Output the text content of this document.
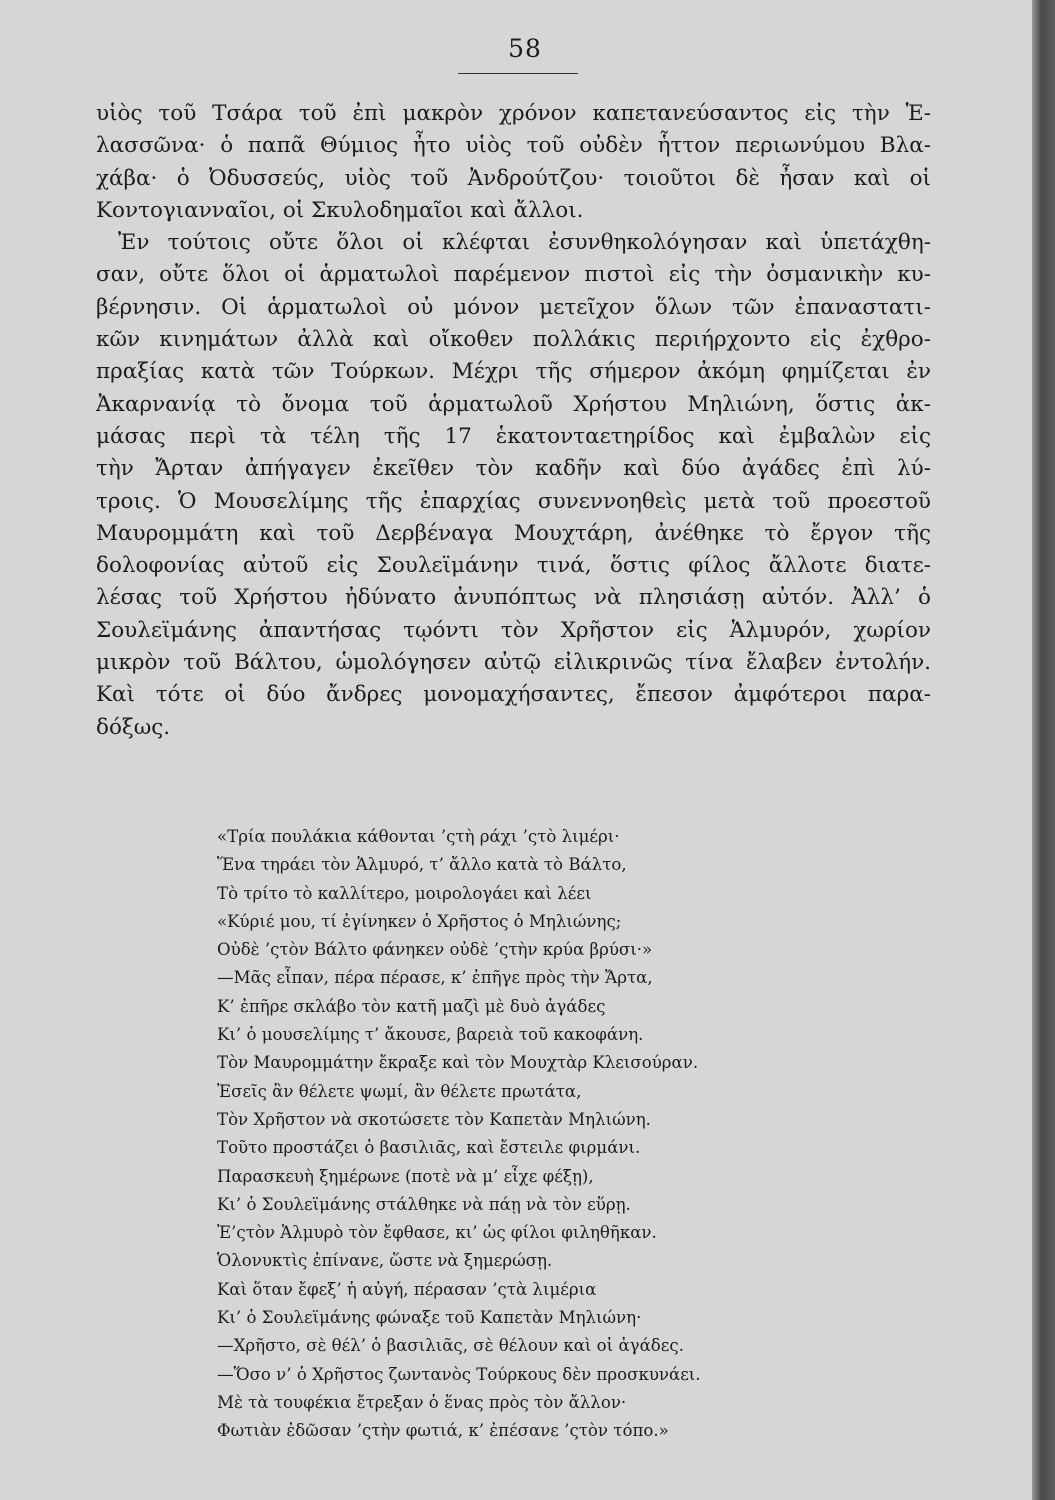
58
υἱὸς τοῦ Τσάρα τοῦ ἐπὶ μακρὸν χρόνον καπετανεύσαντος εἰς τὴν Ἑ-
λασσῶνα· ὁ παπᾶ Θύμιος ἦτο υἱὸς τοῦ οὐδὲν ἧττον περιωνύμου Βλα-
χάβα· ὁ Ὀδυσσεύς, υἱὸς τοῦ Ἀνδρούτζου· τοιοῦτοι δὲ ἦσαν καὶ οἱ
Κοντογιανναῖοι, οἱ Σκυλοδημαῖοι καὶ ἄλλοι.
Ἐν τούτοις οὔτε ὅλοι οἱ κλέφται ἐσυνθηκολόγησαν καὶ ὑπετάχθη-
σαν, οὔτε ὅλοι οἱ ἁρματωλοὶ παρέμενον πιστοὶ εἰς τὴν ὀσμανικὴν κυ-
βέρνησιν. Οἱ ἁρματωλοὶ οὐ μόνον μετεῖχον ὅλων τῶν ἐπαναστατι-
κῶν κινημάτων ἀλλὰ καὶ οἴκοθεν πολλάκις περιήρχοντο εἰς ἐχθρο-
πραξίας κατὰ τῶν Τούρκων. Μέχρι τῆς σήμερον ἀκόμη φημίζεται ἐν
Ἀκαρνανίᾳ τὸ ὄνομα τοῦ ἁρματωλοῦ Χρήστου Μηλιώνη, ὅστις ἀκ-
μάσας περὶ τὰ τέλη τῆς 17 ἑκατονταετηρίδος καὶ ἐμβαλὼν εἰς
τὴν Ἄρταν ἀπήγαγεν ἐκεῖθεν τὸν καδῆν καὶ δύο ἀγάδες ἐπὶ λύ-
τροις. Ὁ Μουσελίμης τῆς ἐπαρχίας συνεννοηθεὶς μετὰ τοῦ προεστοῦ
Μαυρομμάτη καὶ τοῦ Δερβέναγα Μουχτάρη, ἀνέθηκε τὸ ἔργον τῆς
δολοφονίας αὐτοῦ εἰς Σουλεϊμάνην τινά, ὅστις φίλος ἄλλοτε διατε-
λέσας τοῦ Χρήστου ἠδύνατο ἀνυπόπτως νὰ πλησιάσῃ αὐτόν. Ἀλλ’ ὁ
Σουλεϊμάνης ἀπαντήσας τῳόντι τὸν Χρῆστον εἰς Ἁλμυρόν, χωρίον
μικρὸν τοῦ Βάλτου, ὡμολόγησεν αὐτῷ εἰλικρινῶς τίνα ἔλαβεν ἐντολήν.
Καὶ τότε οἱ δύο ἄνδρες μονομαχήσαντες, ἔπεσον ἀμφότεροι παρα-
δόξως.
«Τρία πουλάκια κάθονται ’ςτὴ ράχι ’ςτὸ λιμέρι·
Ἕνα τηράει τὸν Ἁλμυρό, τ’ ἄλλο κατὰ τὸ Βάλτο,
Τὸ τρίτο τὸ καλλίτερο, μοιρολογάει καὶ λέει
«Κύριέ μου, τί ἐγίνηκεν ὁ Χρῆστος ὁ Μηλιώνης;
Οὐδὲ ’ςτὸν Βάλτο φάνηκεν οὐδὲ ’ςτὴν κρύα βρύσι·»
—Μᾶς εἶπαν, πέρα πέρασε, κ’ ἐπῆγε πρὸς τὴν Ἄρτα,
Κ’ ἐπῆρε σκλάβο τὸν κατῆ μαζὶ μὲ δυὸ ἀγάδες
Κι’ ὁ μουσελίμης τ’ ἄκουσε, βαρειὰ τοῦ κακοφάνη.
Τὸν Μαυρομμάτην ἔκραξε καὶ τὸν Μουχτὰρ Κλεισούραν.
Ἐσεῖς ἂν θέλετε ψωμί, ἂν θέλετε πρωτάτα,
Τὸν Χρῆστον νὰ σκοτώσετε τὸν Καπετὰν Μηλιώνη.
Τοῦτο προστάζει ὁ βασιλιᾶς, καὶ ἔστειλε φιρμάνι.
Παρασκευὴ ξημέρωνε (ποτὲ νὰ μ’ εἶχε φέξῃ),
Κι’ ὁ Σουλεϊμάνης στάλθηκε νὰ πάῃ νὰ τὸν εὕρῃ.
Ἐ’ςτὸν Ἁλμυρὸ τὸν ἔφθασε, κι’ ὡς φίλοι φιληθῆκαν.
Ὁλονυκτὶς ἐπίνανε, ὥστε νὰ ξημερώσῃ.
Καὶ ὅταν ἔφεξ’ ἡ αὐγή, πέρασαν ’ςτὰ λιμέρια
Κι’ ὁ Σουλεϊμάνης φώναξε τοῦ Καπετὰν Μηλιώνη·
—Χρῆστο, σὲ θέλ’ ὁ βασιλιᾶς, σὲ θέλουν καὶ οἱ ἀγάδες.
—Ὅσο ν’ ὁ Χρῆστος ζωντανὸς Τούρκους δὲν προσκυνάει.
Μὲ τὰ τουφέκια ἔτρεξαν ὁ ἕνας πρὸς τὸν ἄλλον·
Φωτιὰν ἐδῶσαν ’ςτὴν φωτιά, κ’ ἐπέσανε ’ςτὸν τόπο.»
